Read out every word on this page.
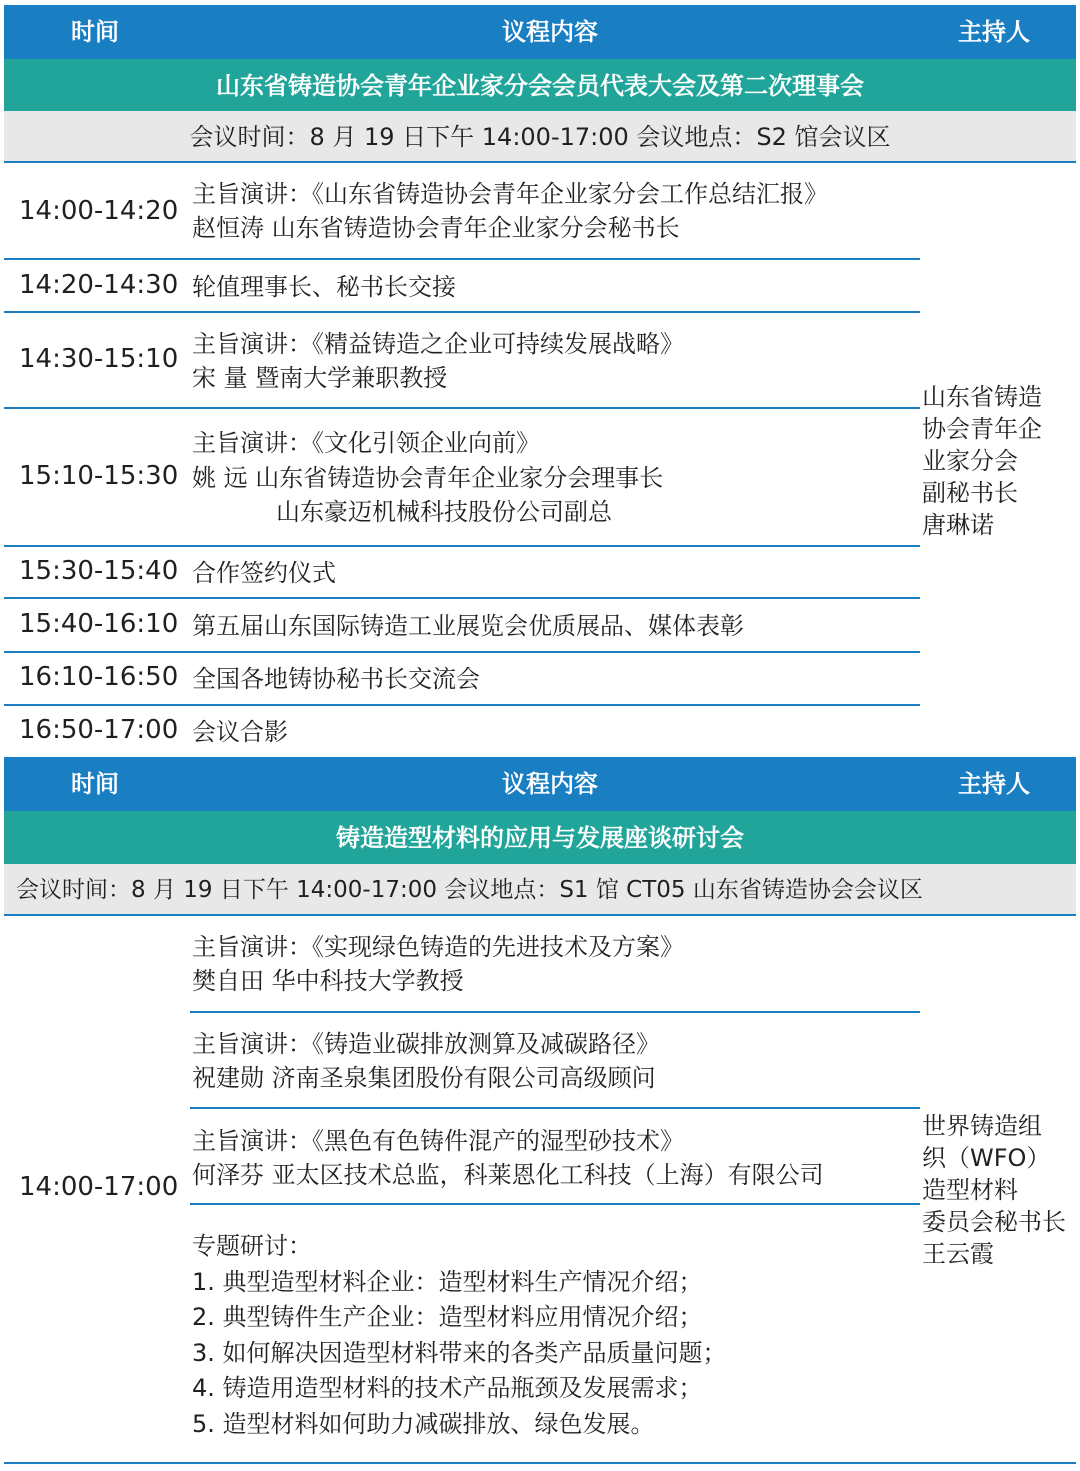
时间	议程内容	主持人
山东省铸造协会青年企业家分会会员代表大会及第二次理事会
会议时间：8 月 19 日下午 14:00-17:00 会议地点：S2 馆会议区
14:00-14:20
主旨演讲：《山东省铸造协会青年企业家分会工作总结汇报》
赵恒涛 山东省铸造协会青年企业家分会秘书长
14:20-14:30 轮值理事长、秘书长交接
14:30-15:10 主旨演讲：《精益铸造之企业可持续发展战略》
宋 量 暨南大学兼职教授
15:10-15:30
主旨演讲：《文化引领企业向前》
姚 远 山东省铸造协会青年企业家分会理事长
山东豪迈机械科技股份公司副总
15:30-15:40 合作签约仪式
15:40-16:10 第五届山东国际铸造工业展览会优质展品、媒体表彰
16:10-16:50 全国各地铸协秘书长交流会
16:50-17:00 会议合影
山东省铸造
协会青年企
业家分会
副秘书长
唐琳诺
时间	议程内容	主持人
铸造造型材料的应用与发展座谈研讨会
会议时间：8 月 19 日下午 14:00-17:00 会议地点：S1 馆 CT05 山东省铸造协会会议区
14:00-17:00
主旨演讲：《实现绿色铸造的先进技术及方案》
樊自田 华中科技大学教授
主旨演讲：《铸造业碳排放测算及减碳路径》
祝建勋 济南圣泉集团股份有限公司高级顾问
主旨演讲：《黑色有色铸件混产的湿型砂技术》
何泽芬 亚太区技术总监，科莱恩化工科技（上海）有限公司
专题研讨：
1. 典型造型材料企业：造型材料生产情况介绍；
2. 典型铸件生产企业：造型材料应用情况介绍；
3. 如何解决因造型材料带来的各类产品质量问题；
4. 铸造用造型材料的技术产品瓶颈及发展需求；
5. 造型材料如何助力减碳排放、绿色发展。
世界铸造组
织（WFO）
造型材料
委员会秘书长
王云霞
